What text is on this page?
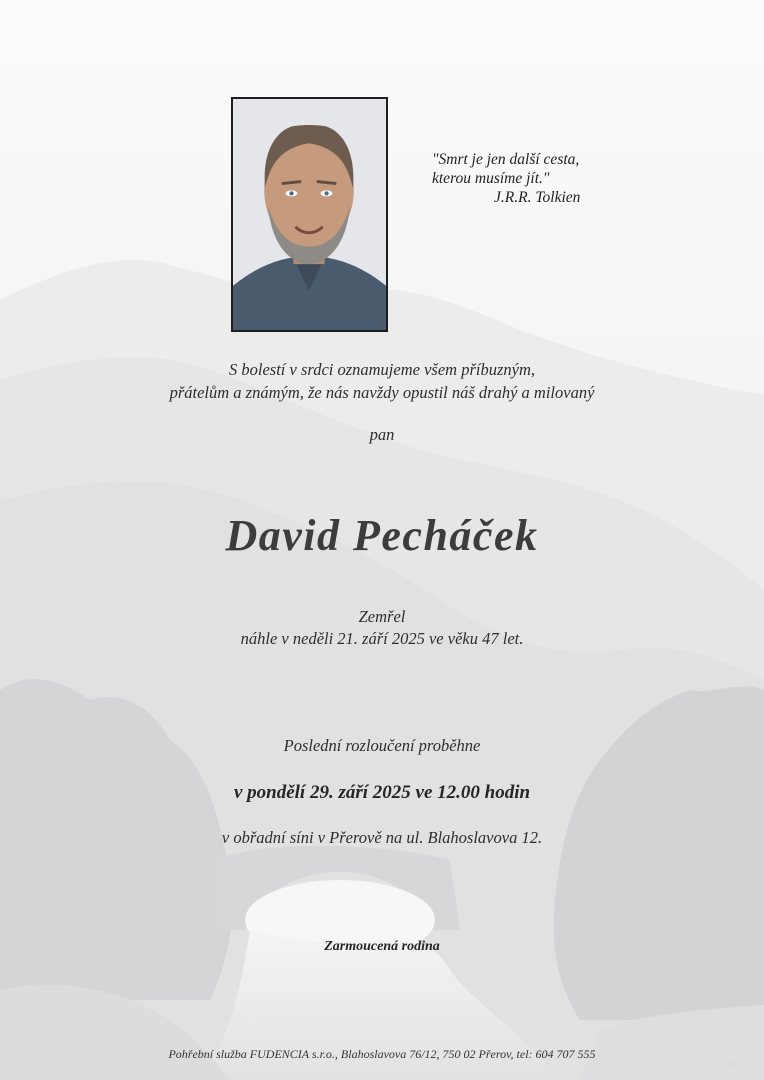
"Smrt je jen další cesta,
kterou musíme jít."
J.R.R. Tolkien
S bolestí v srdci oznamujeme všem příbuzným,
přátelům a známým, že nás navždy opustil náš drahý a milovaný
pan
David Pecháček
Zemřel
náhle v neděli 21. září 2025 ve věku 47 let.
Poslední rozloučení proběhne
v pondělí 29. září 2025 ve 12.00 hodin
v obřadní síni v Přerově na ul. Blahoslavova 12.
Zarmoucená rodina
Pohřební služba FUDENCIA s.r.o., Blahoslavova 76/12, 750 02 Přerov, tel: 604 707 555
©MEST
